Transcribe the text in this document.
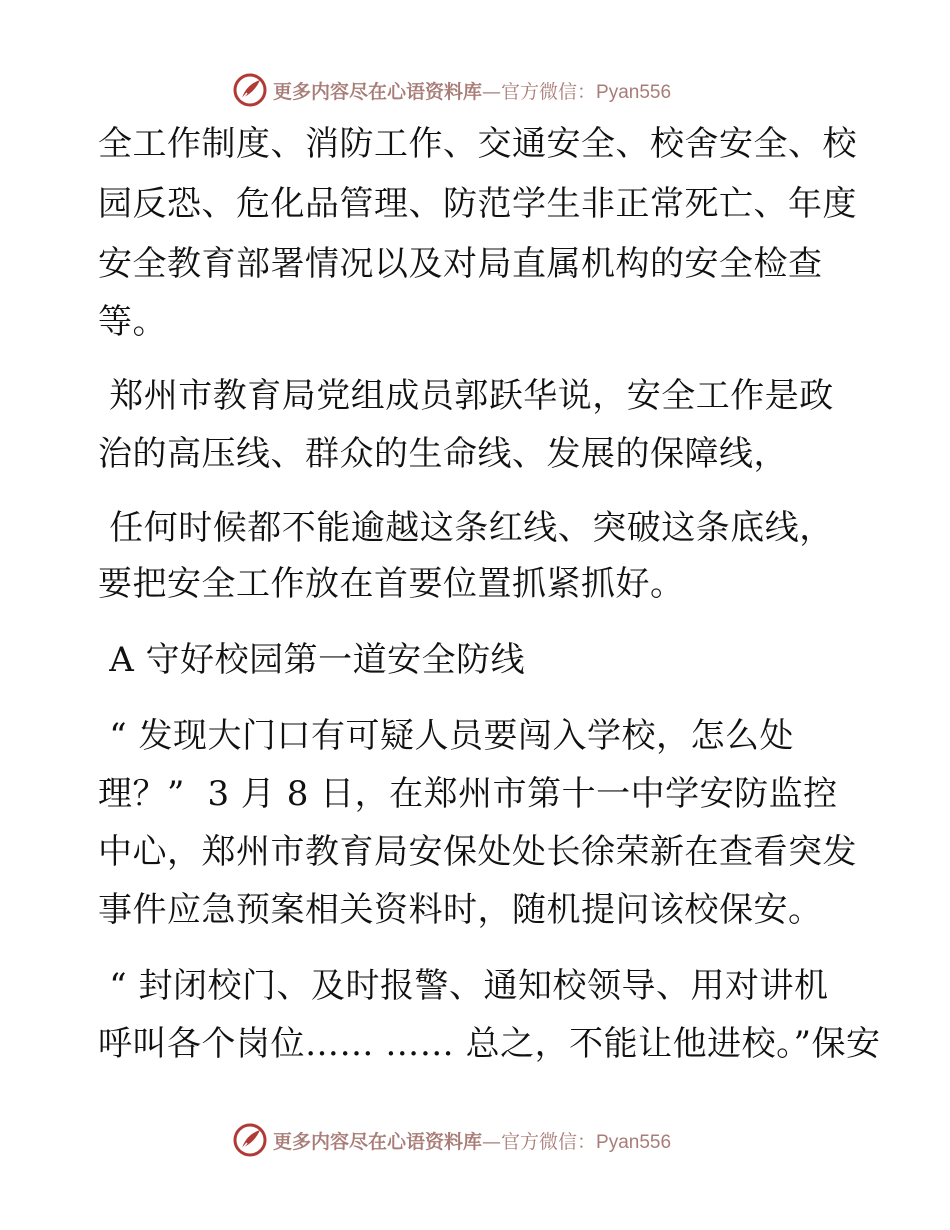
更多内容尽在心语资料库—官方微信：Pyan556
全工作制度、消防工作、交通安全、校舍安全、校
园反恐、危化品管理、防范学生非正常死亡、年度
安全教育部署情况以及对局直属机构的安全检查
等。
郑州市教育局党组成员郭跃华说，安全工作是政
治的高压线、群众的生命线、发展的保障线，
任何时候都不能逾越这条红线、突破这条底线，
要把安全工作放在首要位置抓紧抓好。
A 守好校园第一道安全防线
“ 发现大门口有可疑人员要闯入学校，怎么处
理？”  3 月 8 日，在郑州市第十一中学安防监控
中心，郑州市教育局安保处处长徐荣新在查看突发
事件应急预案相关资料时，随机提问该校保安。
“ 封闭校门、及时报警、通知校领导、用对讲机
呼叫各个岗位…… …… 总之，不能让他进校。”保安
更多内容尽在心语资料库—官方微信：Pyan556
